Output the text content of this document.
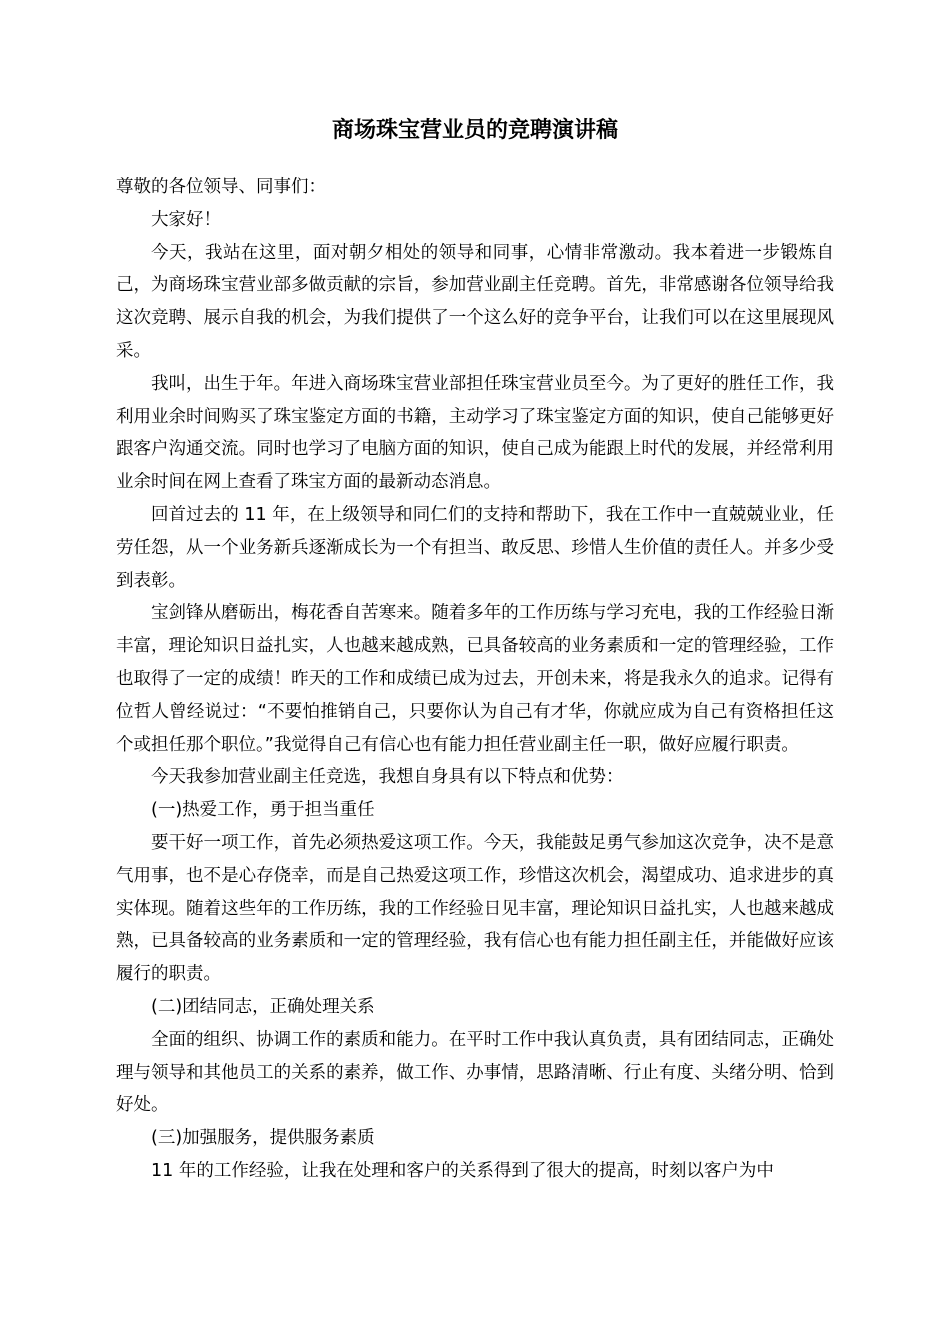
商场珠宝营业员的竞聘演讲稿

尊敬的各位领导、同事们：

大家好！

今天，我站在这里，面对朝夕相处的领导和同事，心情非常激动。我本着进一步锻炼自己，为商场珠宝营业部多做贡献的宗旨，参加营业副主任竞聘。首先，非常感谢各位领导给我这次竞聘、展示自我的机会，为我们提供了一个这么好的竞争平台，让我们可以在这里展现风采。

我叫，出生于年。年进入商场珠宝营业部担任珠宝营业员至今。为了更好的胜任工作，我利用业余时间购买了珠宝鉴定方面的书籍，主动学习了珠宝鉴定方面的知识，使自己能够更好跟客户沟通交流。同时也学习了电脑方面的知识，使自己成为能跟上时代的发展，并经常利用业余时间在网上查看了珠宝方面的最新动态消息。

回首过去的 11 年，在上级领导和同仁们的支持和帮助下，我在工作中一直兢兢业业，任劳任怨，从一个业务新兵逐渐成长为一个有担当、敢反思、珍惜人生价值的责任人。并多少受到表彰。

宝剑锋从磨砺出，梅花香自苦寒来。随着多年的工作历练与学习充电，我的工作经验日渐丰富，理论知识日益扎实，人也越来越成熟，已具备较高的业务素质和一定的管理经验，工作也取得了一定的成绩！昨天的工作和成绩已成为过去，开创未来，将是我永久的追求。记得有位哲人曾经说过：“不要怕推销自己，只要你认为自己有才华，你就应成为自己有资格担任这个或担任那个职位。”我觉得自己有信心也有能力担任营业副主任一职，做好应履行职责。

今天我参加营业副主任竞选，我想自身具有以下特点和优势：

(一)热爱工作，勇于担当重任

要干好一项工作，首先必须热爱这项工作。今天，我能鼓足勇气参加这次竞争，决不是意气用事，也不是心存侥幸，而是自己热爱这项工作，珍惜这次机会，渴望成功、追求进步的真实体现。随着这些年的工作历练，我的工作经验日见丰富，理论知识日益扎实，人也越来越成熟，已具备较高的业务素质和一定的管理经验，我有信心也有能力担任副主任，并能做好应该履行的职责。

(二)团结同志，正确处理关系

全面的组织、协调工作的素质和能力。在平时工作中我认真负责，具有团结同志，正确处理与领导和其他员工的关系的素养，做工作、办事情，思路清晰、行止有度、头绪分明、恰到好处。

(三)加强服务，提供服务素质

11 年的工作经验，让我在处理和客户的关系得到了很大的提高，时刻以客户为中
